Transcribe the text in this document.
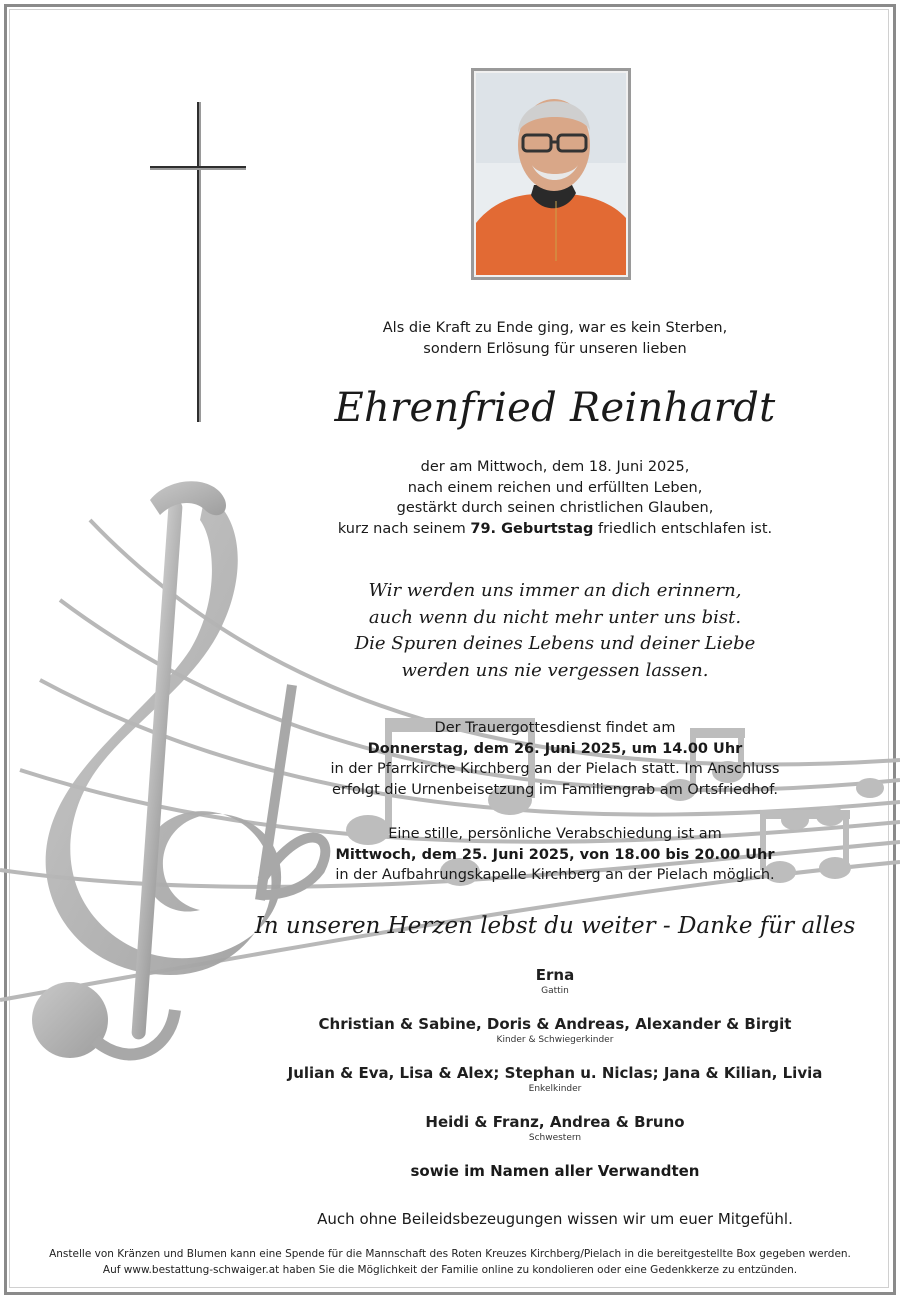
Als die Kraft zu Ende ging, war es kein Sterben,
sondern Erlösung für unseren lieben
Ehrenfried Reinhardt
der am Mittwoch, dem 18. Juni 2025,
nach einem reichen und erfüllten Leben,
gestärkt durch seinen christlichen Glauben,
kurz nach seinem 79. Geburtstag friedlich entschlafen ist.
Wir werden uns immer an dich erinnern,
auch wenn du nicht mehr unter uns bist.
Die Spuren deines Lebens und deiner Liebe
werden uns nie vergessen lassen.
Der Trauergottesdienst findet am
Donnerstag, dem 26. Juni 2025, um 14.00 Uhr
in der Pfarrkirche Kirchberg an der Pielach statt. Im Anschluss
erfolgt die Urnenbeisetzung im Familiengrab am Ortsfriedhof.
Eine stille, persönliche Verabschiedung ist am
Mittwoch, dem 25. Juni 2025, von 18.00 bis 20.00 Uhr
in der Aufbahrungskapelle Kirchberg an der Pielach möglich.
In unseren Herzen lebst du weiter - Danke für alles
Erna
Gattin
Christian & Sabine, Doris & Andreas, Alexander & Birgit
Kinder & Schwiegerkinder
Julian & Eva, Lisa & Alex; Stephan u. Niclas; Jana & Kilian, Livia
Enkelkinder
Heidi & Franz, Andrea & Bruno
Schwestern
sowie im Namen aller Verwandten
Auch ohne Beileidsbezeugungen wissen wir um euer Mitgefühl.
Anstelle von Kränzen und Blumen kann eine Spende für die Mannschaft des Roten Kreuzes Kirchberg/Pielach in die bereitgestellte Box gegeben werden.
Auf www.bestattung-schwaiger.at haben Sie die Möglichkeit der Familie online zu kondolieren oder eine Gedenkkerze zu entzünden.
